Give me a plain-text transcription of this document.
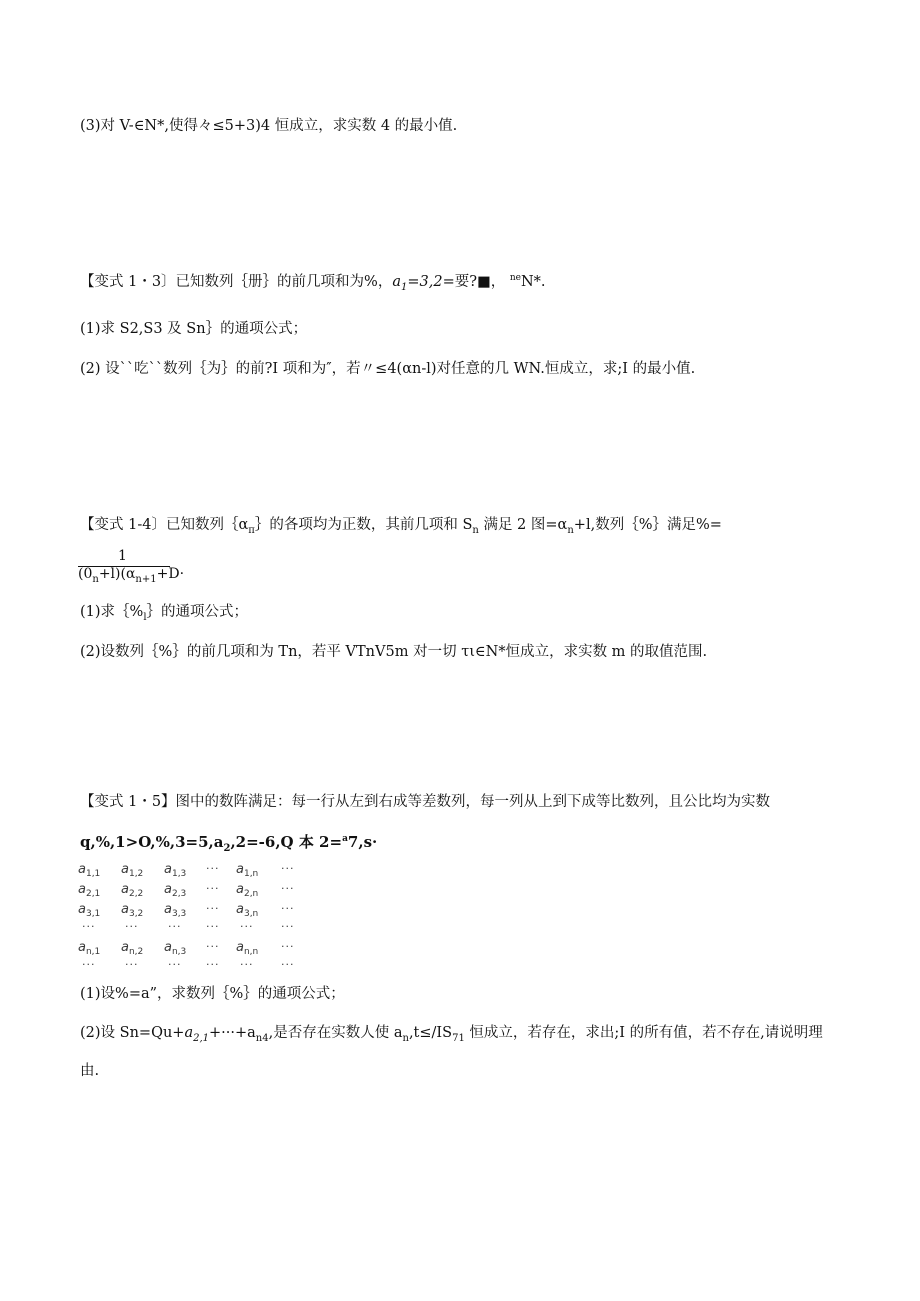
(3)对 V-∈N*,使得々≤5+3)4 恒成立，求实数 4 的最小值.
【变式 1・3〕已知数列｛册｝的前几项和为%，$a_1=3,2=$要?■， $^{ne}$N*.
(1)求 S2,S3 及 Sn｝的通项公式；
(2) 设``吃``数列｛为｝的前?I 项和为″，若〃≤4(αn-l)对任意的几 WN.恒成立，求;I 的最小值.
【变式 1-4〕已知数列$\{\alpha_\pi\}$的各项均为正数，其前几项和 $S_n$ 满足 2 图$=\alpha_n+l$,数列｛%｝满足%=
1
$(0_n+l)(\alpha_{n+1}+D\cdot$
(1)求$\{\%_l\}$的通项公式；
(2)设数列｛%｝的前几项和为 Tn，若平 VTnV5m 对一切 τι∈N*恒成立，求实数 m 的取值范围.
【变式 1・5】图中的数阵满足：每一行从左到右成等差数列，每一列从上到下成等比数列，且公比均为实数
$q,\%,1>O,\%,3=5,a_2,2=-6,Q$ 本 2=$^a$7,s·
$a_{1,1}$ $a_{1,2}$ $a_{1,3}$ ··· $a_{1,n}$ ···
$a_{2,1}$ $a_{2,2}$ $a_{2,3}$ ··· $a_{2,n}$ ···
$a_{3,1}$ $a_{3,2}$ $a_{3,3}$ ··· $a_{3,n}$ ···
···	···	··· ··· ···	···
$a_{n,1}$ $a_{n,2}$ $a_{n,3}$ ··· $a_{n,n}$ ···
···	···	··· ··· ···	···
(1)设%=a”，求数列｛%｝的通项公式；
(2)设 $Sn=Qu+a_{2,1}+\cdot\cdot\cdot+a_{n4}$,是否存在实数人使 $a_n,t\le/IS_{71}$ 恒成立，若存在，求出;I 的所有值，若不存在,请说明理
由.
